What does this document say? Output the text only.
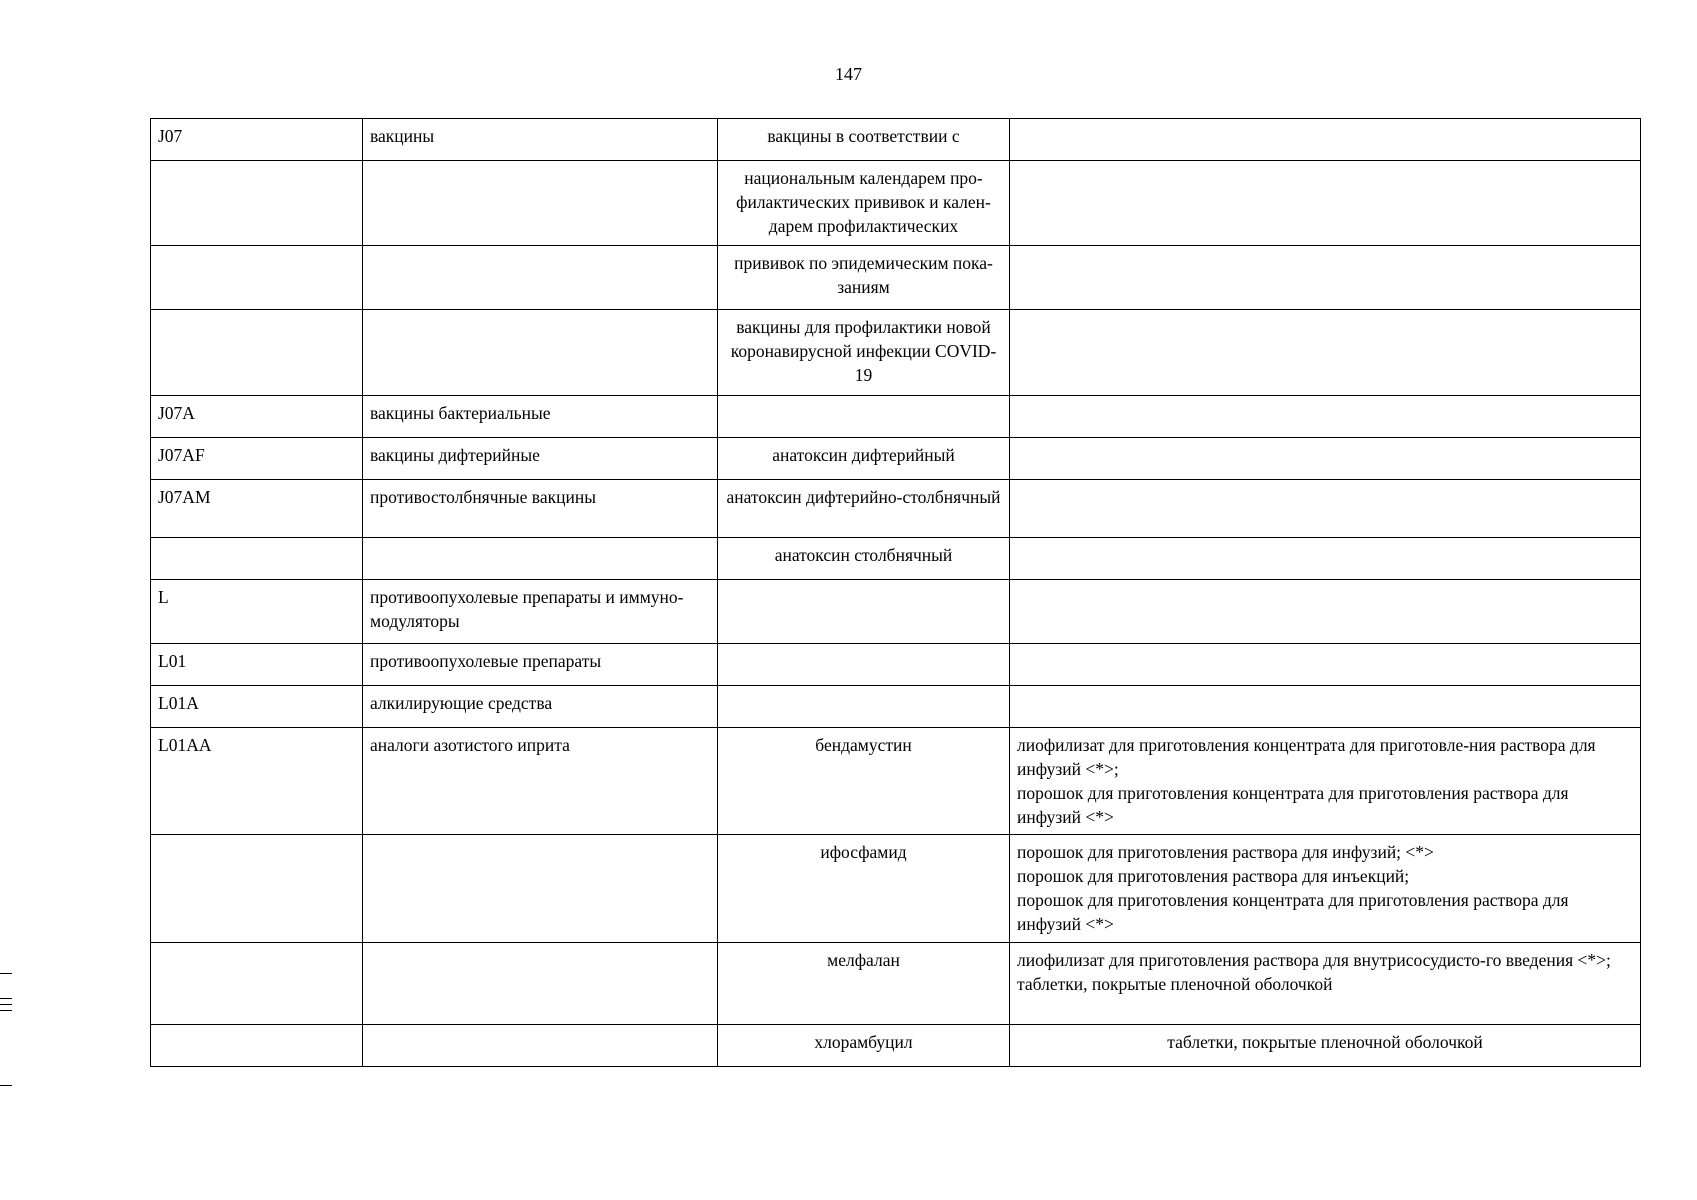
147
J07	вакцины	вакцины в соответствии с	
		национальным календарем про-филактических прививок и кален-дарем профилактических	
		прививок по эпидемическим пока-заниям	
		вакцины для профилактики новой коронавирусной инфекции COVID-19	
J07A	вакцины бактериальные		
J07AF	вакцины дифтерийные	анатоксин дифтерийный	
J07AM	противостолбнячные вакцины	анатоксин дифтерийно-столбнячный	
		анатоксин столбнячный	
L	противоопухолевые препараты и иммуно-модуляторы		
L01	противоопухолевые препараты		
L01A	алкилирующие средства		
L01AA	аналоги азотистого иприта	бендамустин	лиофилизат для приготовления концентрата для приготовле-ния раствора для инфузий <*>;
порошок для приготовления концентрата для приготовления раствора для инфузий <*>

		ифосфамид	порошок для приготовления раствора для инфузий; <*>
порошок для приготовления раствора для инъекций;
порошок для приготовления концентрата для приготовления раствора для инфузий <*>

		мелфалан	лиофилизат для приготовления раствора для внутрисосудисто-го введения <*>;
таблетки, покрытые пленочной оболочкой

		хлорамбуцил	таблетки, покрытые пленочной оболочкой
